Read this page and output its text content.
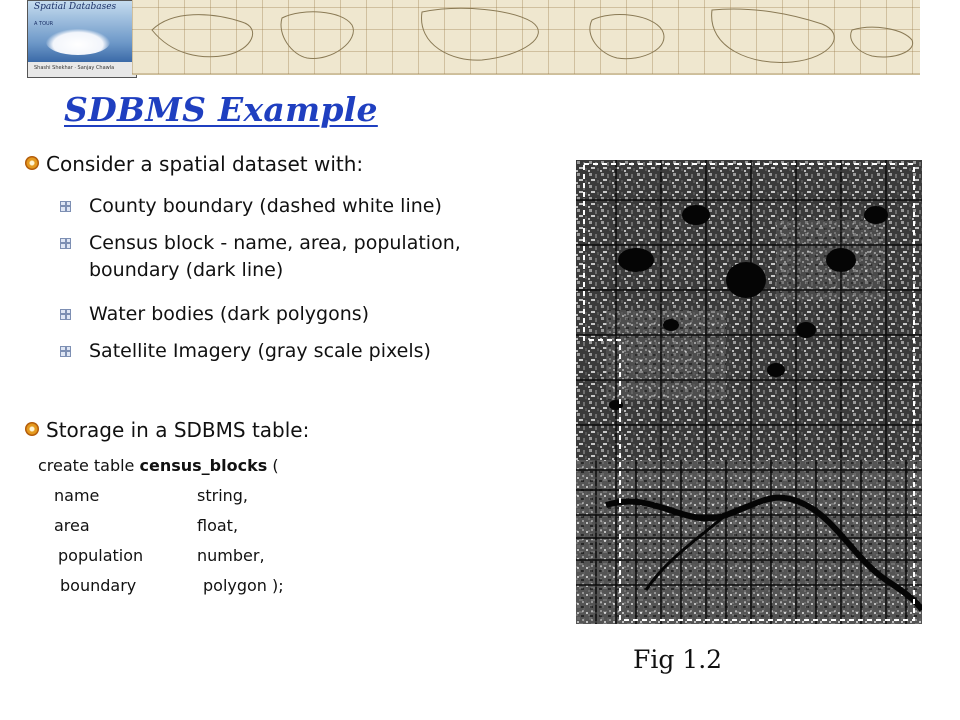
Spatial Databases

A TOUR
Shashi Shekhar · Sanjay Chawla
SDBMS Example
Consider a spatial dataset with:
County boundary (dashed white line)
Census block - name, area, population,
boundary (dark line)
Water bodies (dark polygons)
Satellite Imagery (gray scale pixels)
Storage in a SDBMS table:
create table census_blocks (
name	string,
area	float,
population	number,
boundary	polygon );
Fig 1.2
